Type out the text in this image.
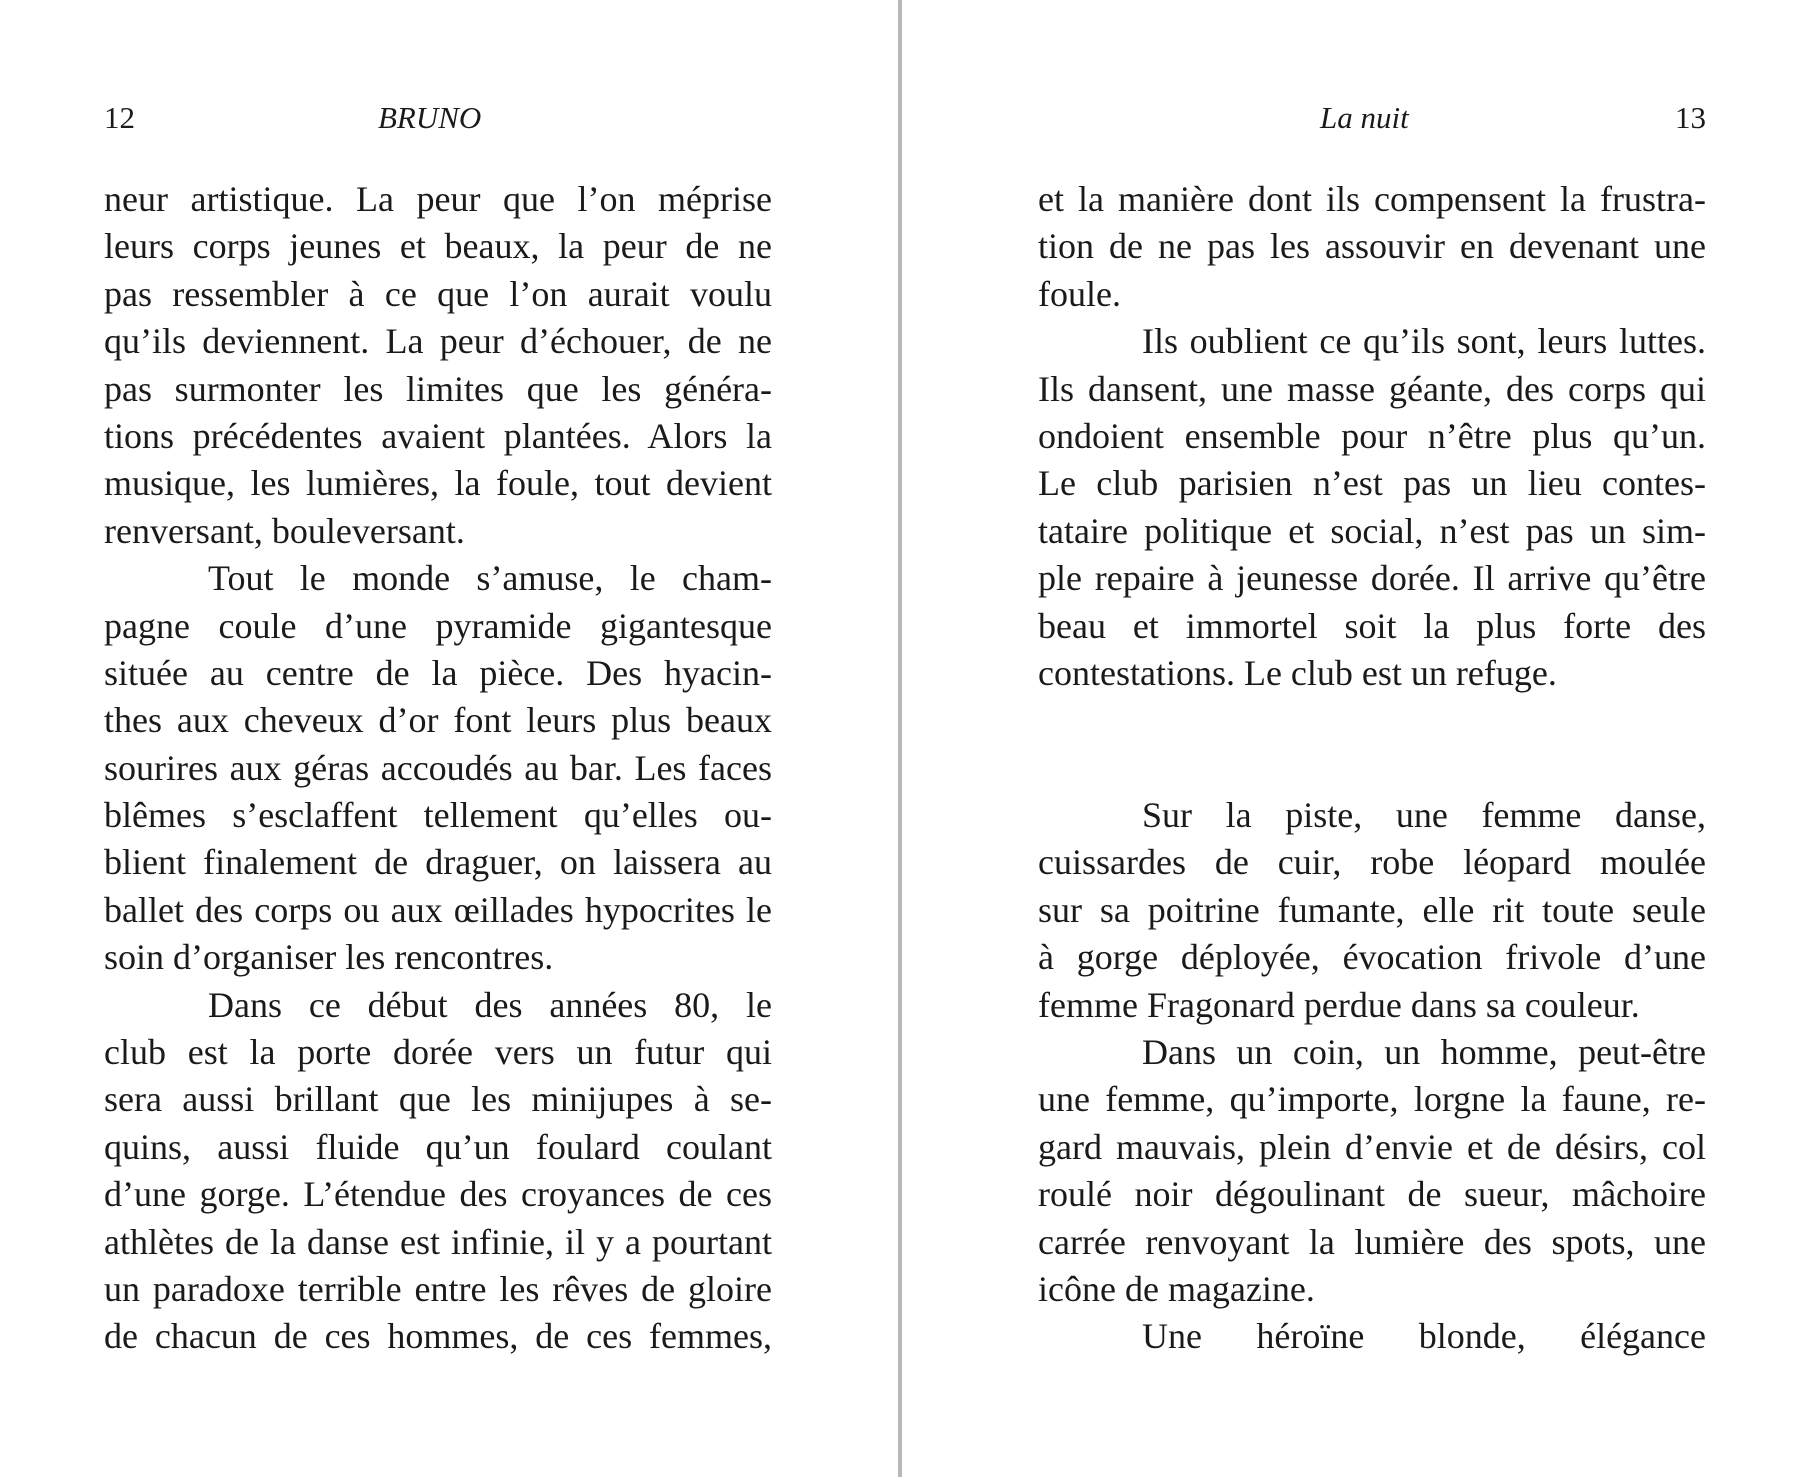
12	BRUNO
neur artistique. La peur que l’on méprise
leurs corps jeunes et beaux, la peur de ne
pas ressembler à ce que l’on aurait voulu
qu’ils deviennent. La peur d’échouer, de ne
pas surmonter les limites que les généra-
tions précédentes avaient plantées. Alors la
musique, les lumières, la foule, tout devient
renversant, bouleversant.
Tout le monde s’amuse, le cham-
pagne coule d’une pyramide gigantesque
située au centre de la pièce. Des hyacin-
thes aux cheveux d’or font leurs plus beaux
sourires aux géras accoudés au bar. Les faces
blêmes s’esclaffent tellement qu’elles ou-
blient finalement de draguer, on laissera au
ballet des corps ou aux œillades hypocrites le
soin d’organiser les rencontres.
Dans ce début des années 80, le
club est la porte dorée vers un futur qui
sera aussi brillant que les minijupes à se-
quins, aussi fluide qu’un foulard coulant
d’une gorge. L’étendue des croyances de ces
athlètes de la danse est infinie, il y a pourtant
un paradoxe terrible entre les rêves de gloire
de chacun de ces hommes, de ces femmes,
La nuit	13
et la manière dont ils compensent la frustra-
tion de ne pas les assouvir en devenant une
foule.
Ils oublient ce qu’ils sont, leurs luttes.
Ils dansent, une masse géante, des corps qui
ondoient ensemble pour n’être plus qu’un.
Le club parisien n’est pas un lieu contes-
tataire politique et social, n’est pas un sim-
ple repaire à jeunesse dorée. Il arrive qu’être
beau et immortel soit la plus forte des
contestations. Le club est un refuge.
Sur la piste, une femme danse,
cuissardes de cuir, robe léopard moulée
sur sa poitrine fumante, elle rit toute seule
à gorge déployée, évocation frivole d’une
femme Fragonard perdue dans sa couleur.
Dans un coin, un homme, peut-être
une femme, qu’importe, lorgne la faune, re-
gard mauvais, plein d’envie et de désirs, col
roulé noir dégoulinant de sueur, mâchoire
carrée renvoyant la lumière des spots, une
icône de magazine.
Une héroïne blonde, élégance
